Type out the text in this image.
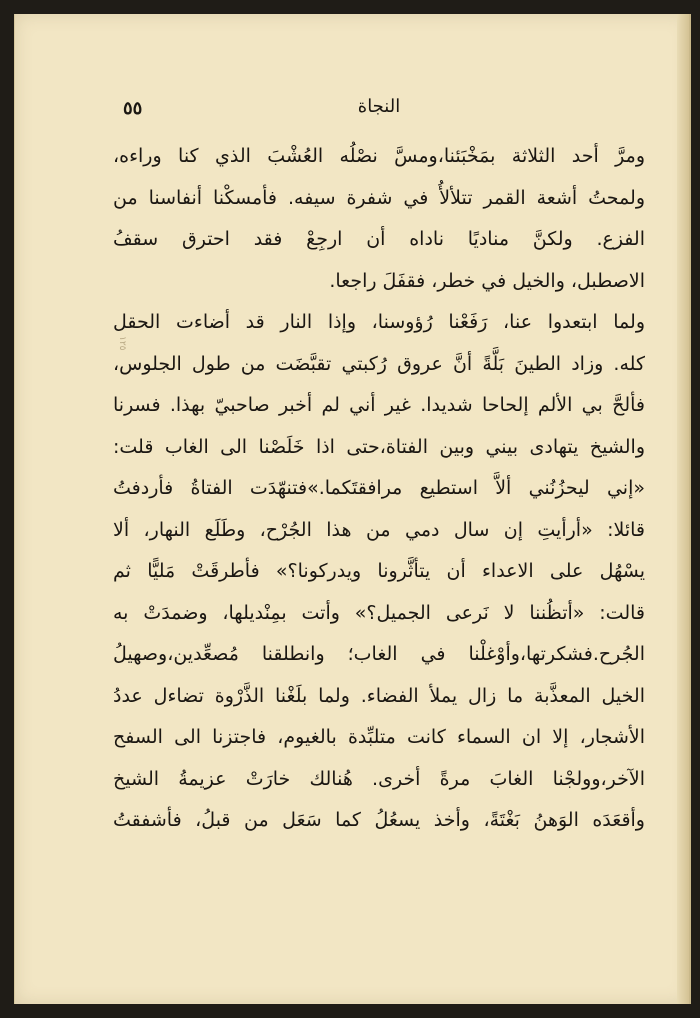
١٢٥
النجاة
٥٥
ومرَّ أحد الثلاثة بمَخْبَئنا،ومسَّ نصْلُه العُشْبَ الذي كنا وراءه،
ولمحتُ أشعة القمر تتلألأُ في شفرة سيفه. فأمسكْنا أنفاسنا من
الفزع. ولكنَّ مناديًا ناداه أن ارجِعْ فقد احترق سقفُ
الاصطبل، والخيل في خطر، فقفَلَ راجعا.
ولما ابتعدوا عنا، رَفَعْنا رُؤوسنا، وإذا النار قد أضاءت الحقل
كله. وزاد الطينَ بَلَّةً أنَّ عروق رُكبتي تقبَّضَت من طول الجلوس،
فألحَّ بي الألم إلحاحا شديدا. غير أني لم أخبر صاحبيّ بهذا. فسرنا
والشيخ يتهادى بيني وبين الفتاة،حتى اذا خَلَصْنا الى الغاب قلت:
«إني ليحزُنُني ألاَّ استطيع مرافقتَكما.»فتنهّدَت الفتاةُ فأردفتُ
قائلا: «أرأيتِ إن سال دمي من هذا الجُرْح، وطَلَع النهار، ألا
يسْهُل على الاعداء أن يتأثَّرونا ويدركونا؟» فأطرقَتْ مَليًّا ثم
قالت: «أتظُننا لا نَرعى الجميل؟» وأتت بمِنْديلها، وضمدَتْ به
الجُرح.فشكرتها،وأوْغلْنا في الغاب؛ وانطلقنا مُصعِّدين،وصهيلُ
الخيل المعذَّبة ما زال يملأ الفضاء. ولما بلَغْنا الذَّرْوة تضاءل عددُ
الأشجار، إلا ان السماء كانت متلبِّدة بالغيوم، فاجتزنا الى السفح
الآخر،وولجْنا الغابَ مرةً أخرى. هُنالك خارَتْ عزيمةُ الشيخ
وأقعَدَه الوَهنُ بَغْتَةً، وأخذ يسعُلُ كما سَعَل من قبلُ، فأشفقتُ
